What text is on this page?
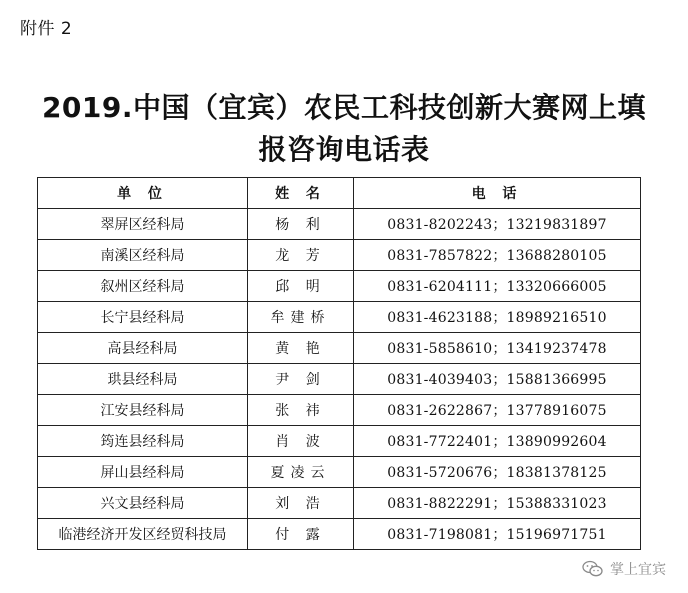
附件 2
2019.中国（宜宾）农民工科技创新大赛网上填
报咨询电话表
单 位	姓 名	电 话
翠屏区经科局	杨 利	0831-8202243；13219831897
南溪区经科局	龙 芳	0831-7857822；13688280105
叙州区经科局	邱 明	0831-6204111；13320666005
长宁县经科局	牟建桥	0831-4623188；18989216510
高县经科局	黄 艳	0831-5858610；13419237478
珙县经科局	尹 剑	0831-4039403；15881366995
江安县经科局	张 祎	0831-2622867；13778916075
筠连县经科局	肖 波	0831-7722401；13890992604
屏山县经科局	夏凌云	0831-5720676；18381378125
兴文县经科局	刘 浩	0831-8822291；15388331023
临港经济开发区经贸科技局	付 露	0831-7198081；15196971751
掌上宜宾
